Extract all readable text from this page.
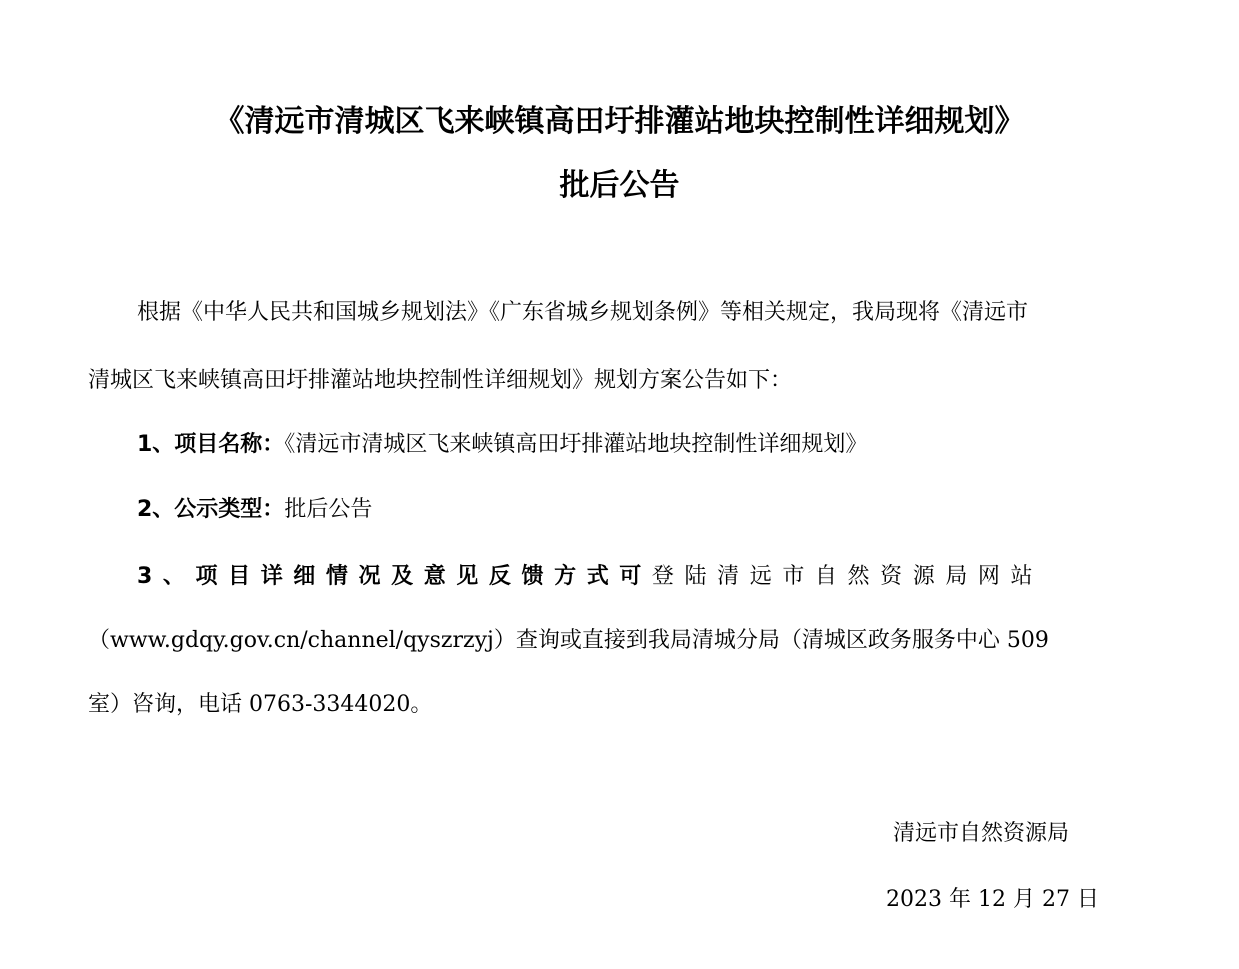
《清远市清城区飞来峡镇高田圩排灌站地块控制性详细规划》
批后公告
根据《中华人民共和国城乡规划法》《广东省城乡规划条例》等相关规定，我局现将《清远市
清城区飞来峡镇高田圩排灌站地块控制性详细规划》规划方案公告如下：
1、项目名称：《清远市清城区飞来峡镇高田圩排灌站地块控制性详细规划》
2、公示类型：批后公告
3、项目详细情况及意见反馈方式可登陆清远市自然资源局网站
（www.gdqy.gov.cn/channel/qyszrzyj）查询或直接到我局清城分局（清城区政务服务中心 509
室）咨询，电话 0763-3344020。
清远市自然资源局
2023 年 12 月 27 日
